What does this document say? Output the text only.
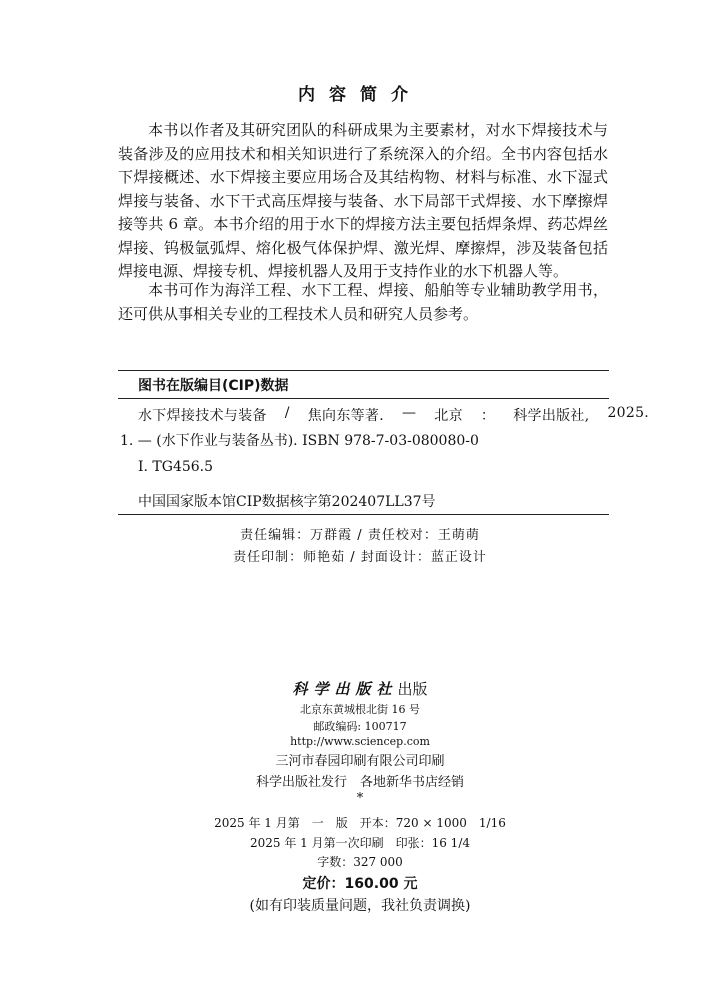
内容简介

本书以作者及其研究团队的科研成果为主要素材，对水下焊接技术与装备涉及的应用技术和相关知识进行了系统深入的介绍。全书内容包括水下焊接概述、水下焊接主要应用场合及其结构物、材料与标准、水下湿式焊接与装备、水下干式高压焊接与装备、水下局部干式焊接、水下摩擦焊接等共 6 章。本书介绍的用于水下的焊接方法主要包括焊条焊、药芯焊丝焊接、钨极氩弧焊、熔化极气体保护焊、激光焊、摩擦焊，涉及装备包括焊接电源、焊接专机、焊接机器人及用于支持作业的水下机器人等。

本书可作为海洋工程、水下工程、焊接、船舶等专业辅助教学用书，还可供从事相关专业的工程技术人员和研究人员参考。

图书在版编目(CIP)数据
水下焊接技术与装备	/	焦向东等著.	—	北京	：	科学出版社,	2025.
1. — (水下作业与装备丛书). ISBN 978-7-03-080080-0
Ⅰ. TG456.5
中国国家版本馆CIP数据核字第202407LL37号
责任编辑：万群霞 / 责任校对：王萌萌
责任印制：师艳茹 / 封面设计：蓝正设计
科学出版社出版
北京东黄城根北街 16 号
邮政编码: 100717
http://www.sciencep.com
三河市春园印刷有限公司印刷
科学出版社发行　各地新华书店经销
*
2025 年 1 月第　一　版　开本：720 × 1000　1/16
2025 年 1 月第一次印刷　印张：16 1/4
字数：327 000
定价：160.00 元
(如有印装质量问题，我社负责调换)
